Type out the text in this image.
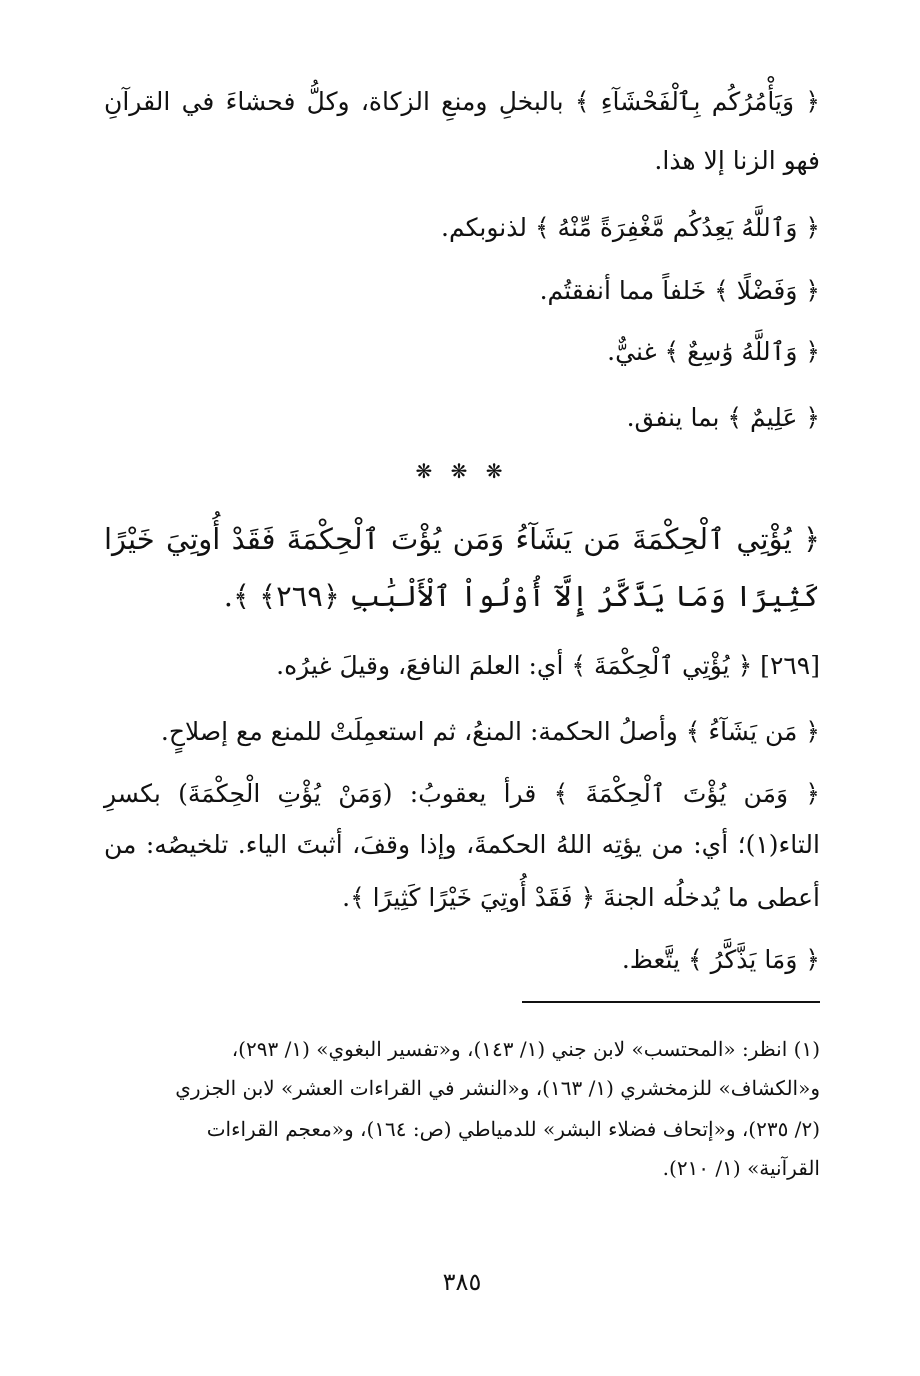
﴿ وَيَأْمُرُكُم بِٱلْفَحْشَآءِ ﴾ بالبخلِ ومنعِ الزكاة، وكلُّ فحشاءَ في القرآنِ
فهو الزنا إلا هذا.
﴿ وَٱللَّهُ يَعِدُكُم مَّغْفِرَةً مِّنْهُ ﴾ لذنوبكم.
﴿ وَفَضْلًا ﴾ خَلفاً مما أنفقتُم.
﴿ وَٱللَّهُ وَٰسِعٌ ﴾ غنيٌّ.
﴿ عَلِيمٌ ﴾ بما ينفق.
❋ ❋ ❋
﴿ يُؤْتِي ٱلْحِكْمَةَ مَن يَشَآءُ وَمَن يُؤْتَ ٱلْحِكْمَةَ فَقَدْ أُوتِيَ خَيْرًا
كَثِيرًا وَمَا يَذَّكَّرُ إِلَّآ أُوْلُواْ ٱلْأَلْبَٰبِ ﴿٢٦٩﴾ ﴾.
[٢٦٩] ﴿ يُؤْتِي ٱلْحِكْمَةَ ﴾ أي: العلمَ النافعَ، وقيلَ غيرُه.
﴿ مَن يَشَآءُ ﴾ وأصلُ الحكمة: المنعُ، ثم استعمِلَتْ للمنع مع إصلاحٍ.
﴿ وَمَن يُؤْتَ ٱلْحِكْمَةَ ﴾ قرأ يعقوبُ: (وَمَنْ يُؤْتِ الْحِكْمَةَ) بكسرِ
التاء(١)؛ أي: من يؤتِه اللهُ الحكمةَ، وإذا وقفَ، أثبتَ الياء. تلخيصُه: من
أعطى ما يُدخلُه الجنةَ ﴿ فَقَدْ أُوتِيَ خَيْرًا كَثِيرًا ﴾.
﴿ وَمَا يَذَّكَّرُ ﴾ يتَّعظ.
(١) انظر: «المحتسب» لابن جني (١/ ١٤٣)، و«تفسير البغوي» (١/ ٢٩٣)،
و«الكشاف» للزمخشري (١/ ١٦٣)، و«النشر في القراءات العشر» لابن الجزري
(٢/ ٢٣٥)، و«إتحاف فضلاء البشر» للدمياطي (ص: ١٦٤)، و«معجم القراءات
القرآنية» (١/ ٢١٠).
٣٨٥
